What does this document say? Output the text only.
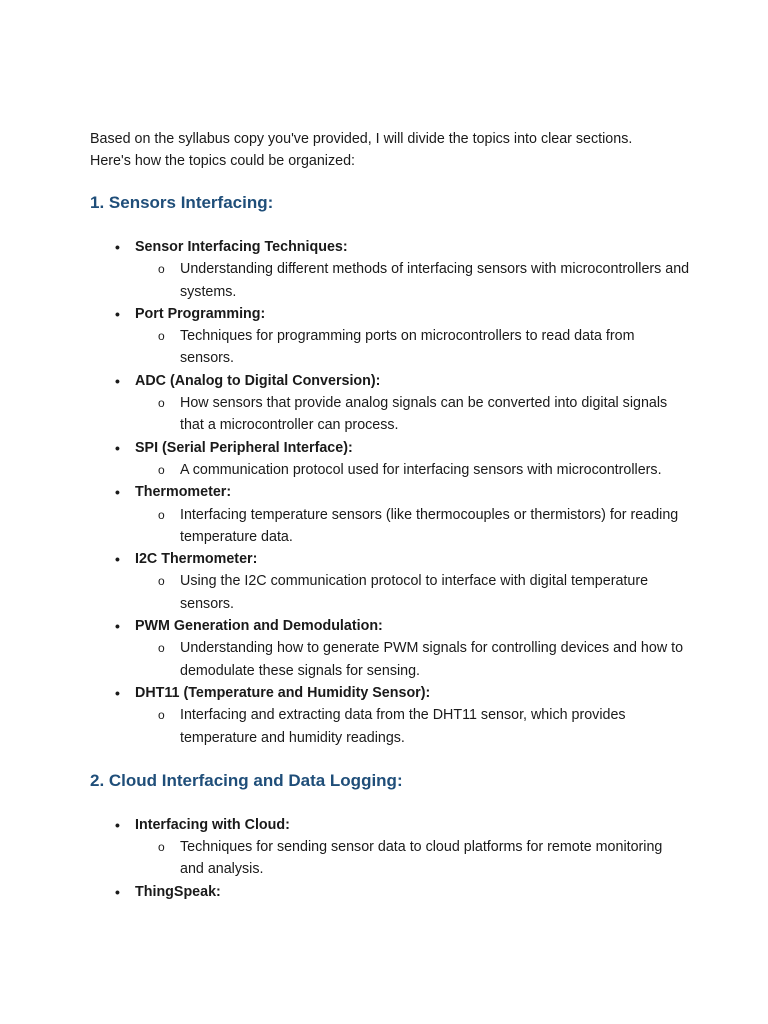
Based on the syllabus copy you've provided, I will divide the topics into clear sections. Here's how the topics could be organized:

1. Sensors Interfacing:
• Sensor Interfacing Techniques:
o Understanding different methods of interfacing sensors with microcontrollers and systems.
• Port Programming:
o Techniques for programming ports on microcontrollers to read data from sensors.
• ADC (Analog to Digital Conversion):
o How sensors that provide analog signals can be converted into digital signals that a microcontroller can process.
• SPI (Serial Peripheral Interface):
o A communication protocol used for interfacing sensors with microcontrollers.
• Thermometer:
o Interfacing temperature sensors (like thermocouples or thermistors) for reading temperature data.
• I2C Thermometer:
o Using the I2C communication protocol to interface with digital temperature sensors.
• PWM Generation and Demodulation:
o Understanding how to generate PWM signals for controlling devices and how to demodulate these signals for sensing.
• DHT11 (Temperature and Humidity Sensor):
o Interfacing and extracting data from the DHT11 sensor, which provides temperature and humidity readings.
2. Cloud Interfacing and Data Logging:
• Interfacing with Cloud:
o Techniques for sending sensor data to cloud platforms for remote monitoring and analysis.
• ThingSpeak:
